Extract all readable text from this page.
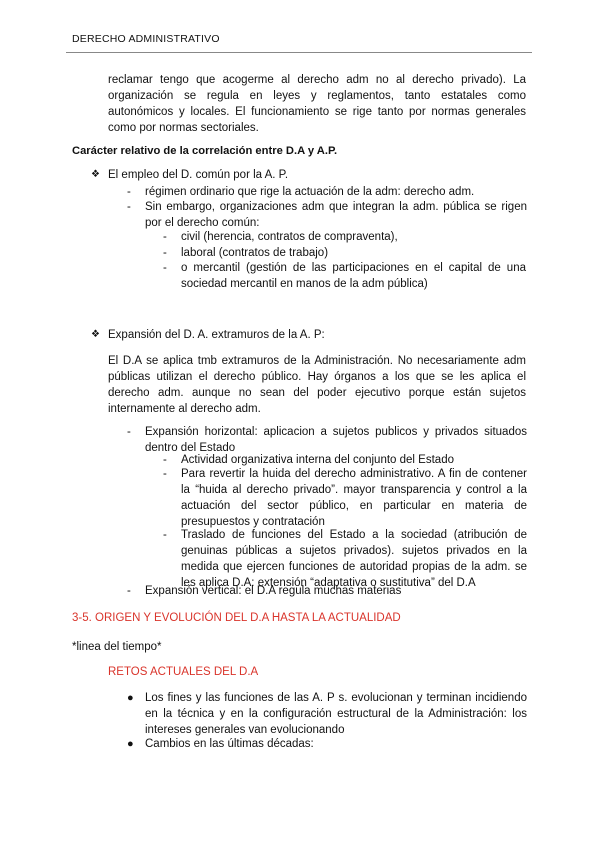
DERECHO ADMINISTRATIVO

reclamar tengo que acogerme al derecho adm no al derecho privado). La organización se regula en leyes y reglamentos, tanto estatales como autonómicos y locales. El funcionamiento se rige tanto por normas generales como por normas sectoriales.

Carácter relativo de la correlación entre D.A y A.P.

❖ El empleo del D. común por la A. P.

- régimen ordinario que rige la actuación de la adm: derecho adm.

- Sin embargo, organizaciones adm que integran la adm. pública se rigen por el derecho común:

- civil (herencia, contratos de compraventa),

- laboral (contratos de trabajo)

- o mercantil (gestión de las participaciones en el capital de una sociedad mercantil en manos de la adm pública)

❖ Expansión del D. A. extramuros de la A. P:

El D.A se aplica tmb extramuros de la Administración. No necesariamente adm públicas utilizan el derecho público. Hay órganos a los que se les aplica el derecho adm. aunque no sean del poder ejecutivo porque están sujetos internamente al derecho adm.

- Expansión horizontal: aplicacion a sujetos publicos y privados situados dentro del Estado

- Actividad organizativa interna del conjunto del Estado

- Para revertir la huida del derecho administrativo. A fin de contener la “huida al derecho privado”. mayor transparencia y control a la actuación del sector público, en particular en materia de presupuestos y contratación

- Traslado de funciones del Estado a la sociedad (atribución de genuinas públicas a sujetos privados). sujetos privados en la medida que ejercen funciones de autoridad propias de la adm. se les aplica D.A: extensión “adaptativa o sustitutiva” del D.A

- Expansión vertical: el D.A regula muchas materias

3-5. ORIGEN Y EVOLUCIÓN DEL D.A HASTA LA ACTUALIDAD

*linea del tiempo*

RETOS ACTUALES DEL D.A

● Los fines y las funciones de las A. P s. evolucionan y terminan incidiendo en la técnica y en la configuración estructural de la Administración: los intereses generales van evolucionando

● Cambios en las últimas décadas:
